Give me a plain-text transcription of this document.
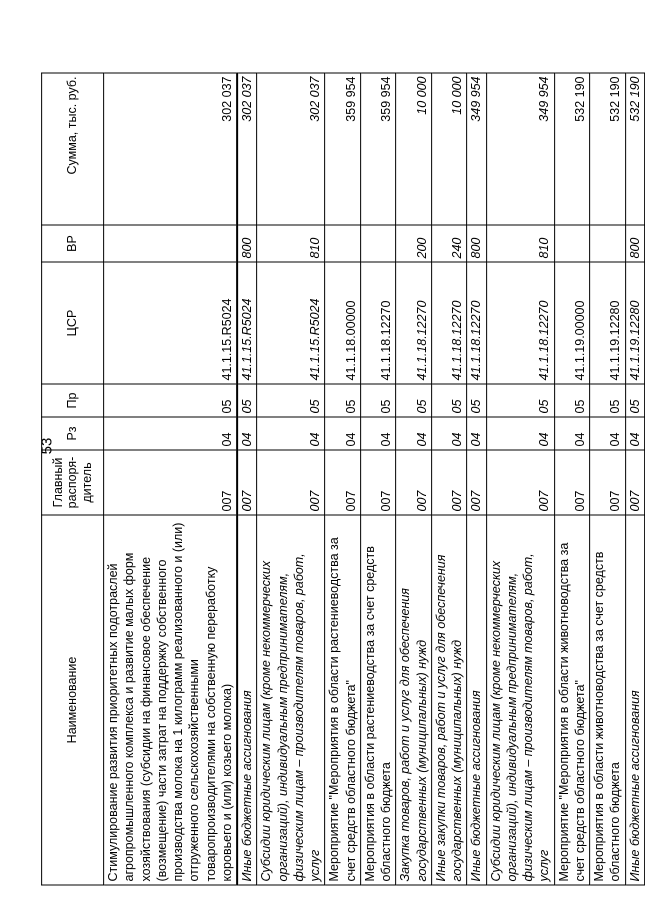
53
Наименование	Главный распоря-дитель	Рз	Пр	ЦСР	ВР	Сумма, тыс. руб.
Стимулирование развития приоритетных подотраслей агропромышленного комплекса и развитие малых форм хозяйствования (субсидии на финансовое обеспечение (возмещение) части затрат на поддержку собственного производства молока на 1 килограмм реализованного и (или) отгруженного сельскохозяйственными товаропроизводителями на собственную переработку коровьего и (или) козьего молока)	007	04	05	41.1.15.R5024		302 037
Иные бюджетные ассигнования	007	04	05	41.1.15.R5024	800	302 037
Субсидии юридическим лицам (кроме некоммерческих организаций), индивидуальным предпринимателям, физическим лицам – производителям товаров, работ, услуг	007	04	05	41.1.15.R5024	810	302 037
Мероприятие "Мероприятия в области растениеводства за счет средств областного бюджета"	007	04	05	41.1.18.00000		359 954
Мероприятия в области растениеводства за счет средств областного бюджета	007	04	05	41.1.18.12270		359 954
Закупка товаров, работ и услуг для обеспечения государственных (муниципальных) нужд	007	04	05	41.1.18.12270	200	10 000
Иные закупки товаров, работ и услуг для обеспечения государственных (муниципальных) нужд	007	04	05	41.1.18.12270	240	10 000
Иные бюджетные ассигнования	007	04	05	41.1.18.12270	800	349 954
Субсидии юридическим лицам (кроме некоммерческих организаций), индивидуальным предпринимателям, физическим лицам – производителям товаров, работ, услуг	007	04	05	41.1.18.12270	810	349 954
Мероприятие "Мероприятия в области животноводства за счет средств областного бюджета"	007	04	05	41.1.19.00000		532 190
Мероприятия в области животноводства за счет средств областного бюджета	007	04	05	41.1.19.12280		532 190
Иные бюджетные ассигнования	007	04	05	41.1.19.12280	800	532 190
